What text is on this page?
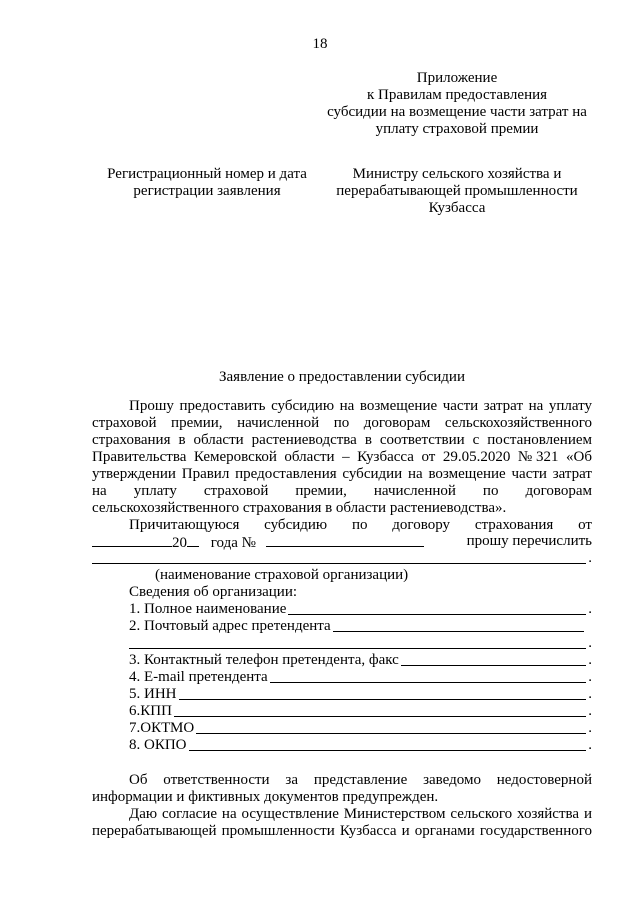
18
Приложение
к Правилам предоставления
субсидии на возмещение части затрат на
уплату страховой премии
Регистрационный номер и дата
регистрации заявления
Министру сельского хозяйства и
перерабатывающей промышленности
Кузбасса
Заявление о предоставлении субсидии
Прошу предоставить субсидию на возмещение части затрат на уплату
страховой премии, начисленной по договорам сельскохозяйственного
страхования в области растениеводства в соответствии с постановлением
Правительства Кемеровской области – Кузбасса от 29.05.2020 №321 «Об
утверждении Правил предоставления субсидии на возмещение части затрат
на уплату страховой премии, начисленной по договорам
сельскохозяйственного страхования в области растениеводства».
Причитающуюся субсидию по договору страхования от
20 года №	прошу перечислить
.
(наименование страховой организации)
Сведения об организации:
1. Полное наименование	.
2. Почтовый адрес претендента
.
3. Контактный телефон претендента, факс	.
4. E-mail претендента	.
5. ИНН	.
6.КПП	.
7.ОКТМО	.
8. ОКПО	.
Об ответственности за представление заведомо недостоверной
информации и фиктивных документов предупрежден.
Даю согласие на осуществление Министерством сельского хозяйства и
перерабатывающей промышленности Кузбасса и органами государственного
